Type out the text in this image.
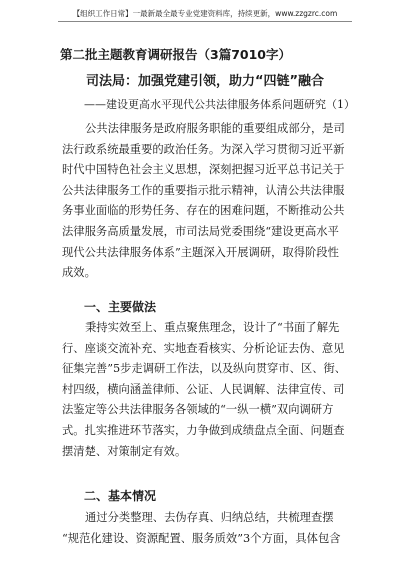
【组织工作日常】一最新最全最专业党建资料库，持续更新，www.zzgzrc.com
第二批主题教育调研报告（3篇7010字）
司法局：加强党建引领，助力“四链”融合
——建设更高水平现代公共法律服务体系问题研究（1）
公共法律服务是政府服务职能的重要组成部分，是司
法行政系统最重要的政治任务。为深入学习贯彻习近平新
时代中国特色社会主义思想，深刻把握习近平总书记关于
公共法律服务工作的重要指示批示精神，认清公共法律服
务事业面临的形势任务、存在的困难问题，不断推动公共
法律服务高质量发展，市司法局党委围绕“建设更高水平
现代公共法律服务体系”主题深入开展调研，取得阶段性
成效。
一、主要做法
秉持实效至上、重点聚焦理念，设计了“书面了解先
行、座谈交流补充、实地查看核实、分析论证去伪、意见
征集完善”5步走调研工作法，以及纵向贯穿市、区、街、
村四级，横向涵盖律师、公证、人民调解、法律宣传、司
法鉴定等公共法律服务各领域的“一纵一横”双向调研方
式。扎实推进环节落实，力争做到成绩盘点全面、问题查
摆清楚、对策制定有效。
二、基本情况
通过分类整理、去伪存真、归纳总结，共梳理查摆
“规范化建设、资源配置、服务质效”3个方面，具体包含
